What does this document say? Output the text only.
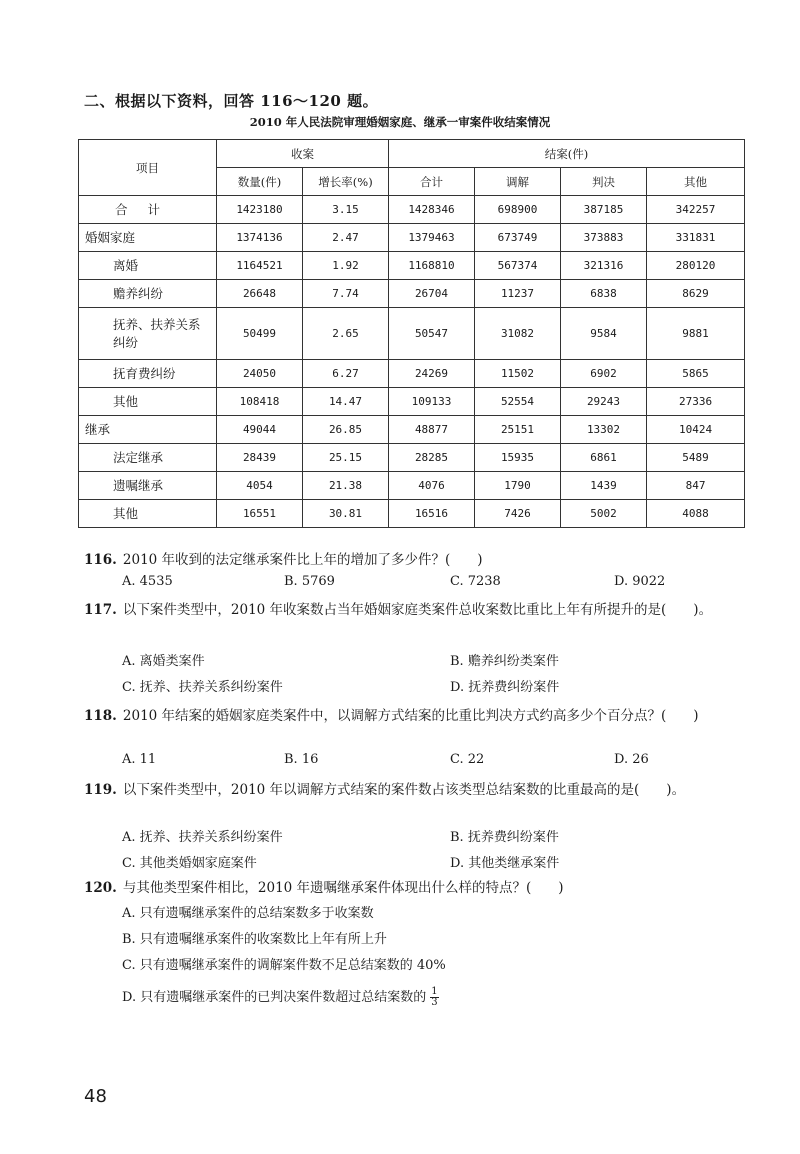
二、根据以下资料，回答 116～120 题。
2010 年人民法院审理婚姻家庭、继承一审案件收结案情况
项目	收案		结案(件)			
	数量(件)	增长率(%)	合计	调解	判决	其他
合计	1423180	3.15	1428346	698900	387185	342257
婚姻家庭	1374136	2.47	1379463	673749	373883	331831
离婚	1164521	1.92	1168810	567374	321316	280120
赡养纠纷	26648	7.74	26704	11237	6838	8629
抚养、扶养关系纠纷	50499	2.65	50547	31082	9584	9881
抚育费纠纷	24050	6.27	24269	11502	6902	5865
其他	108418	14.47	109133	52554	29243	27336
继承	49044	26.85	48877	25151	13302	10424
法定继承	28439	25.15	28285	15935	6861	5489
遗嘱继承	4054	21.38	4076	1790	1439	847
其他	16551	30.81	16516	7426	5002	4088
116. 2010 年收到的法定继承案件比上年的增加了多少件？(　　)
A. 4535	B. 5769	C. 7238	D. 9022
117. 以下案件类型中，2010 年收案数占当年婚姻家庭类案件总收案数比重比上年有所提升的是(　　)。
A. 离婚类案件	B. 赡养纠纷类案件
C. 抚养、扶养关系纠纷案件	D. 抚养费纠纷案件
118. 2010 年结案的婚姻家庭类案件中，以调解方式结案的比重比判决方式约高多少个百分点？(　　)
A. 11	B. 16	C. 22	D. 26
119. 以下案件类型中，2010 年以调解方式结案的案件数占该类型总结案数的比重最高的是(　　)。
A. 抚养、扶养关系纠纷案件	B. 抚养费纠纷案件
C. 其他类婚姻家庭案件	D. 其他类继承案件
120. 与其他类型案件相比，2010 年遗嘱继承案件体现出什么样的特点？(　　)
A. 只有遗嘱继承案件的总结案数多于收案数
B. 只有遗嘱继承案件的收案数比上年有所上升
C. 只有遗嘱继承案件的调解案件数不足总结案数的 40%
D. 只有遗嘱继承案件的已判决案件数超过总结案数的 $\frac{1}{3}$
48
